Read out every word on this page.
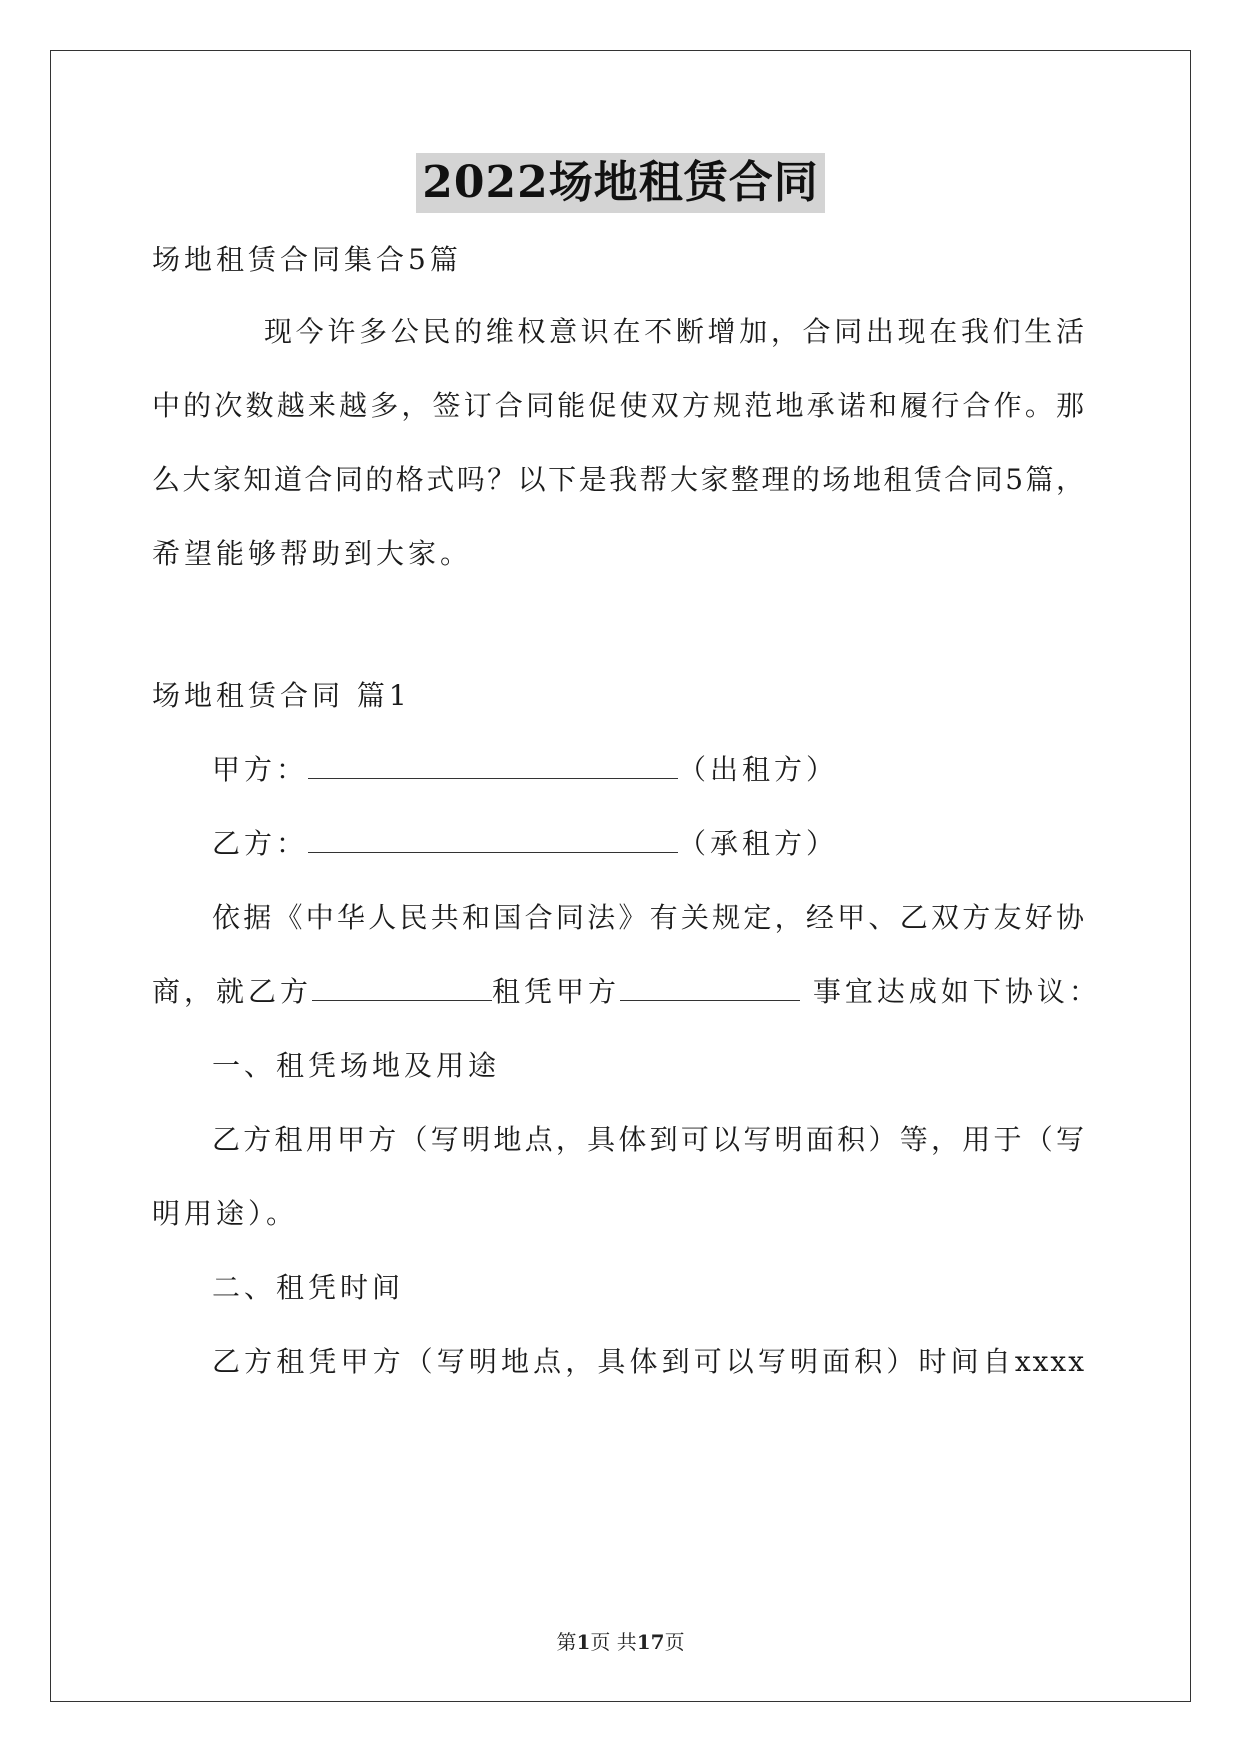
2022场地租赁合同
场地租赁合同集合5篇
现今许多公民的维权意识在不断增加，合同出现在我们生活
中的次数越来越多，签订合同能促使双方规范地承诺和履行合作。那
么大家知道合同的格式吗？以下是我帮大家整理的场地租赁合同5篇，
希望能够帮助到大家。
场地租赁合同 篇1
甲方：	（出租方）
乙方：	（承租方）
依据《中华人民共和国合同法》有关规定，经甲、乙双方友好协
商，就乙方	租凭甲方	事宜达成如下协议：
一、租凭场地及用途
乙方租用甲方（写明地点，具体到可以写明面积）等，用于（写
明用途）。
二、租凭时间
乙方租凭甲方（写明地点，具体到可以写明面积）时间自xxxx
第1页 共17页
